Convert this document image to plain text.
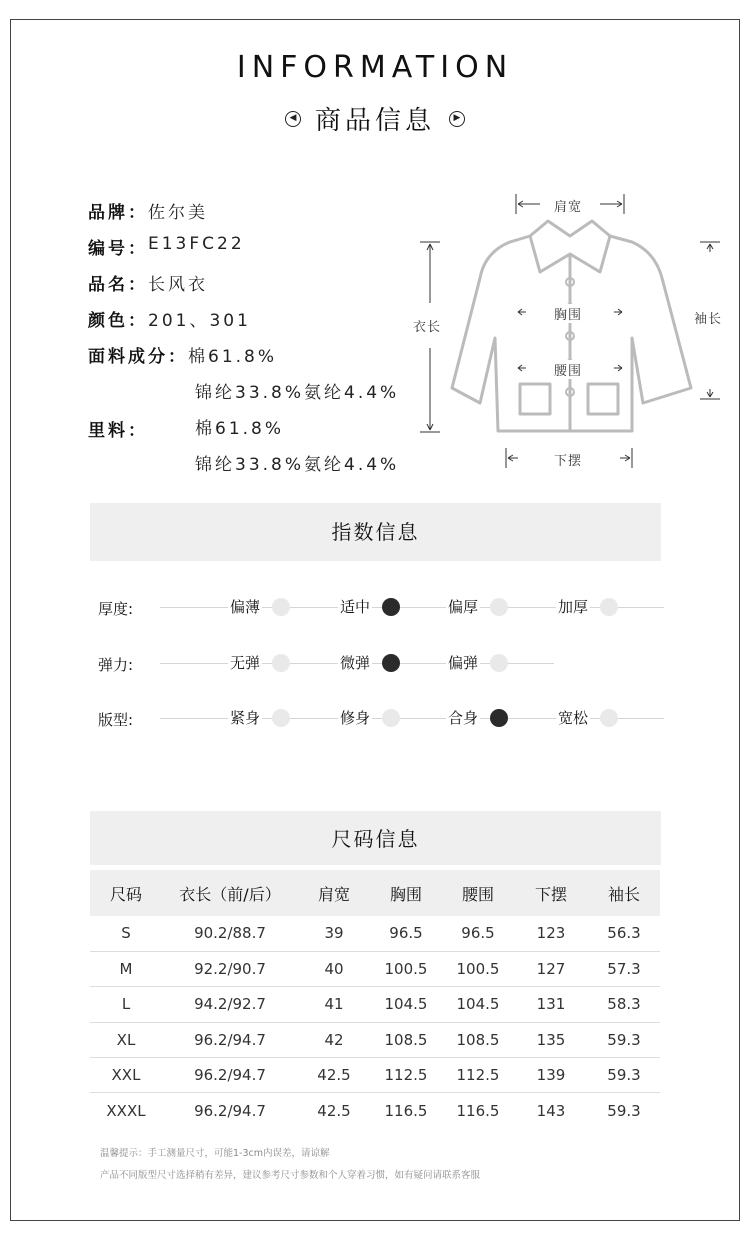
INFORMATION
◀ 商品信息	▶
品牌： 佐尔美
编号： E13FC22
品名： 长风衣
颜色： 201、301
面料成分： 棉61.8%
锦纶33.8%氨纶4.4%
里料：	棉61.8%
锦纶33.8%氨纶4.4%
肩宽
衣长
胸围
腰围
下摆
袖长
指数信息
厚度:	偏薄	适中	偏厚	加厚
弹力:	无弹	微弹	偏弹
版型:	紧身	修身	合身	宽松
尺码信息
尺码	衣长（前/后）	肩宽	胸围	腰围	下摆	袖长
S	90.2/88.7	39	96.5	96.5	123	56.3
M	92.2/90.7	40	100.5	100.5	127	57.3
L	94.2/92.7	41	104.5	104.5	131	58.3
XL	96.2/94.7	42	108.5	108.5	135	59.3
XXL	96.2/94.7	42.5	112.5	112.5	139	59.3
XXXL	96.2/94.7	42.5	116.5	116.5	143	59.3
温馨提示：手工测量尺寸，可能1-3cm内误差，请谅解
产品不同版型尺寸选择稍有差异，建议参考尺寸参数和个人穿着习惯，如有疑问请联系客服
